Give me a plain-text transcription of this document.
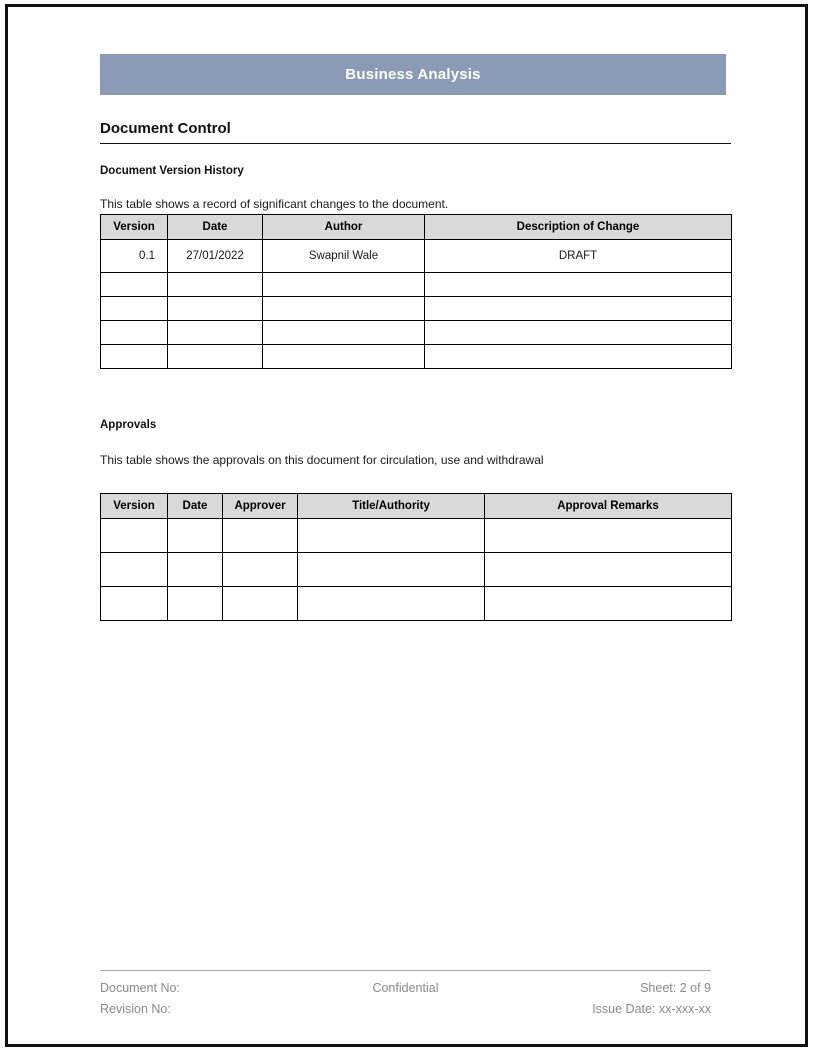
Business Analysis
Document Control
Document Version History
This table shows a record of significant changes to the document.
Version	Date	Author	Description of Change
0.1	27/01/2022	Swapnil Wale	DRAFT

Approvals
This table shows the approvals on this document for circulation, use and withdrawal
Version	Date	Approver	Title/Authority	Approval Remarks

Document No:	Confidential	Sheet: 2 of 9
Revision No:	Issue Date: xx-xxx-xx
